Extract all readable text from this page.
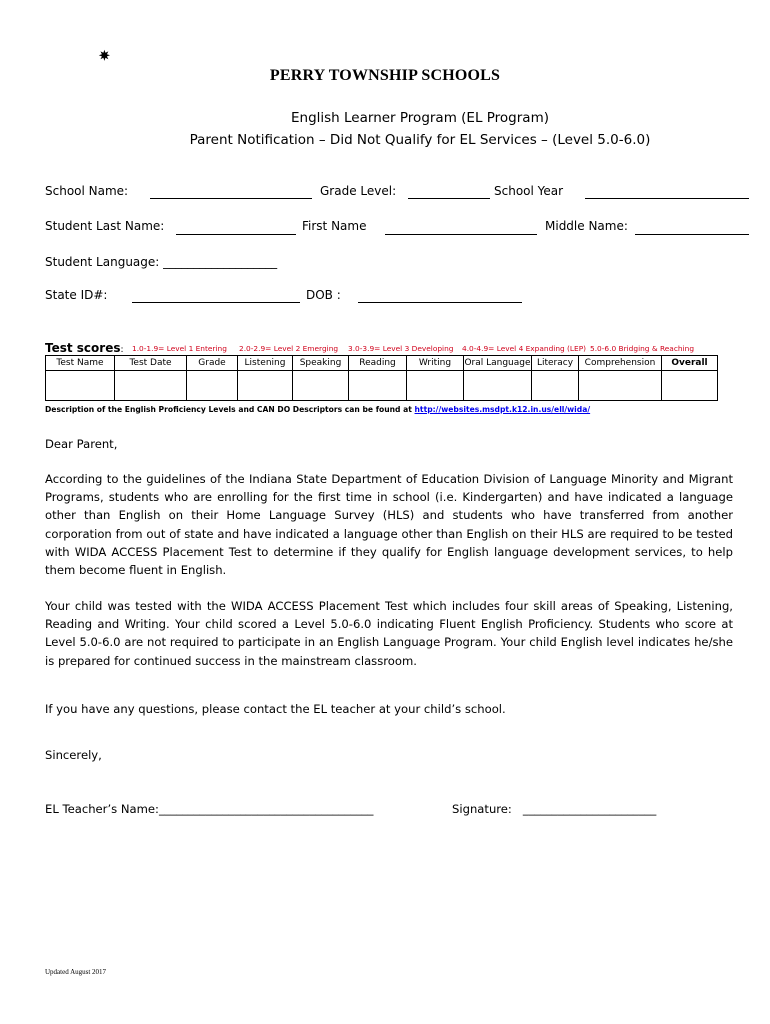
🟎
PERRY TOWNSHIP SCHOOLS
English Learner Program (EL Program)
Parent Notification – Did Not Qualify for EL Services – (Level 5.0-6.0)
School Name:	Grade Level:	School Year
Student Last Name:	First Name	Middle Name:
Student Language: ___________________
State ID#:	DOB :
Test scores: 1.0-1.9= Level 1 Entering 2.0-2.9= Level 2 Emerging 3.0-3.9= Level 3 Developing 4.0-4.9= Level 4 Expanding (LEP) 5.0-6.0 Bridging & Reaching
Test Name	Test Date	Grade	Listening	Speaking	Reading	Writing	Oral Language	Literacy	Comprehension	Overall

Description of the English Proficiency Levels and CAN DO Descriptors can be found at http://websites.msdpt.k12.in.us/ell/wida/
Dear Parent,
According to the guidelines of the Indiana State Department of Education Division of Language Minority and Migrant Programs, students who are enrolling for the first time in school (i.e. Kindergarten) and have indicated a language other than English on their Home Language Survey (HLS) and students who have transferred from another corporation from out of state and have indicated a language other than English on their HLS are required to be tested with WIDA ACCESS Placement Test to determine if they qualify for English language development services, to help them become fluent in English.
Your child was tested with the WIDA ACCESS Placement Test which includes four skill areas of Speaking, Listening, Reading and Writing. Your child scored a Level 5.0-6.0 indicating Fluent English Proficiency. Students who score at Level 5.0-6.0 are not required to participate in an English Language Program. Your child English level indicates he/she is prepared for continued success in the mainstream classroom.
If you have any questions, please contact the EL teacher at your child’s school.
Sincerely,
EL Teacher’s Name:_____________________________________	Signature: _______________________
Updated August 2017
